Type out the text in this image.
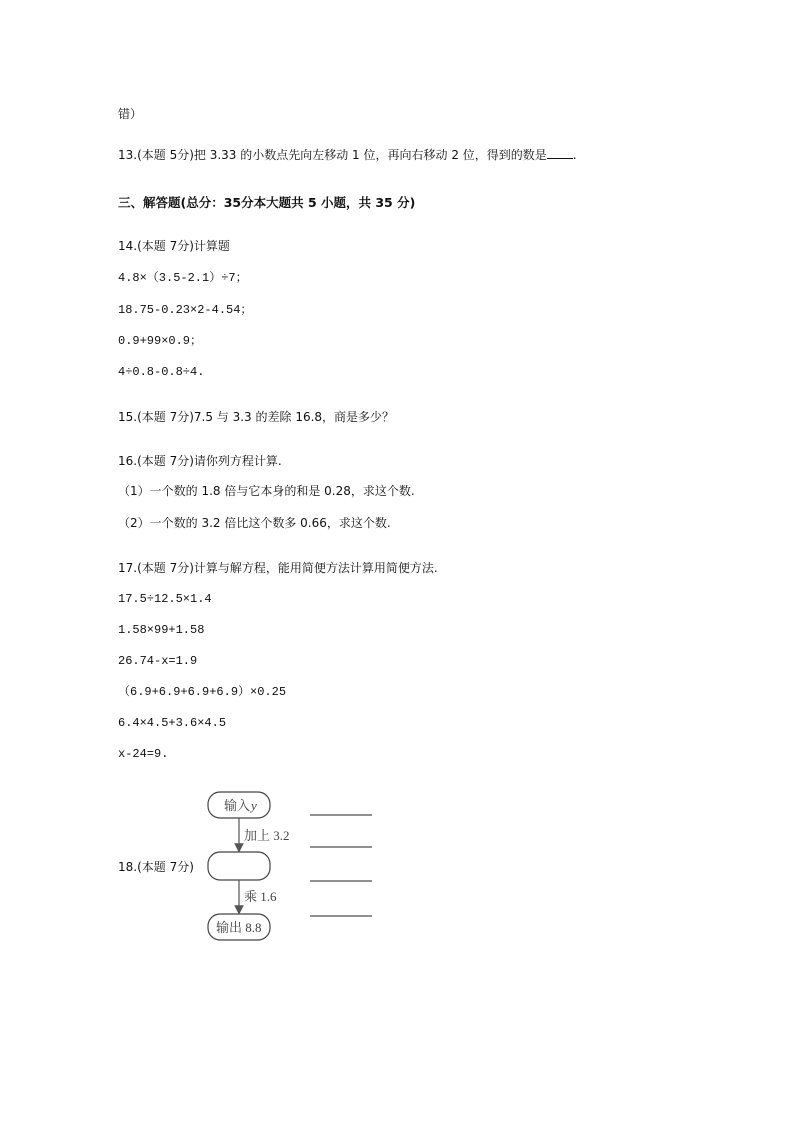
错）
13.(本题 5分)把 3.33 的小数点先向左移动 1 位，再向右移动 2 位，得到的数是 .
三、解答题(总分：35分本大题共 5 小题，共 35 分)
14.(本题 7分)计算题
4.8×（3.5-2.1）÷7；
18.75-0.23×2-4.54；
0.9+99×0.9；
4÷0.8-0.8÷4.
15.(本题 7分)7.5 与 3.3 的差除 16.8，商是多少？
16.(本题 7分)请你列方程计算.
（1）一个数的 1.8 倍与它本身的和是 0.28，求这个数.
（2）一个数的 3.2 倍比这个数多 0.66，求这个数.
17.(本题 7分)计算与解方程，能用简便方法计算用简便方法.
17.5÷12.5×1.4
1.58×99+1.58
26.74-x=1.9
（6.9+6.9+6.9+6.9）×0.25
6.4×4.5+3.6×4.5
x-24=9.
18.(本题 7分)
输入 y
加上 3.2
乘 1.6
输出 8.8
